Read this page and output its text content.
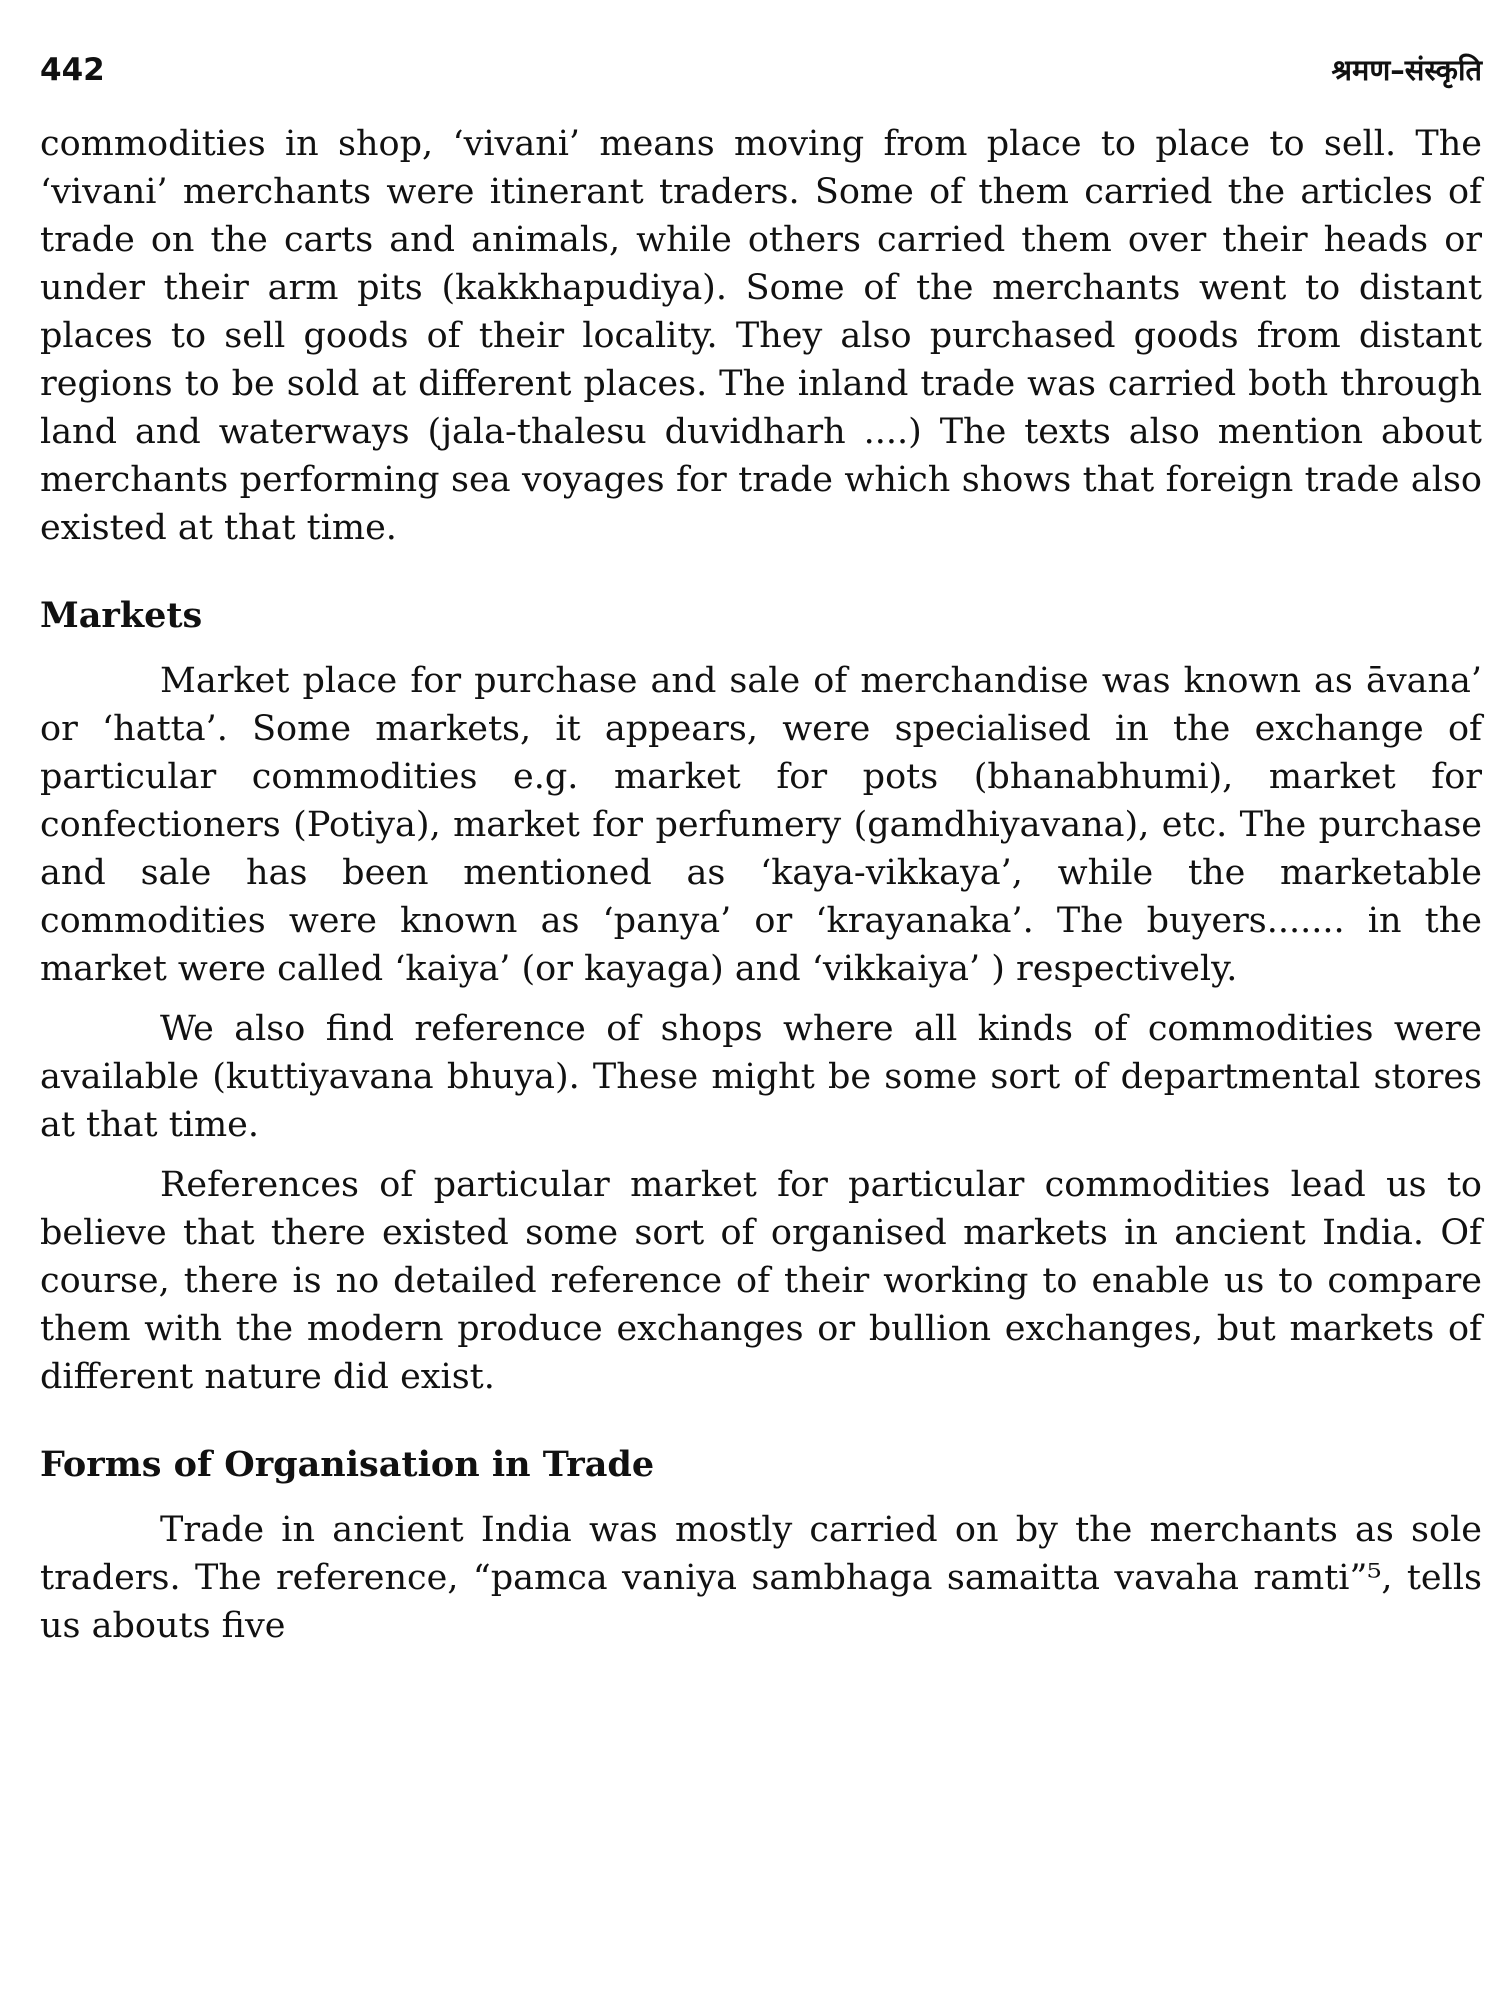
442	श्रमण–संस्कृति

commodities in shop, ‘vivani’ means moving from place to place to sell. The ‘vivani’ merchants were itinerant traders. Some of them carried the articles of trade on the carts and animals, while others carried them over their heads or under their arm pits (kakkhapudiya). Some of the merchants went to distant places to sell goods of their locality. They also purchased goods from distant regions to be sold at different places. The inland trade was carried both through land and waterways (jala-thalesu duvidharh ....) The texts also mention about merchants performing sea voyages for trade which shows that foreign trade also existed at that time.

Markets

Market place for purchase and sale of merchandise was known as āvana’ or ‘hatta’. Some markets, it appears, were specialised in the exchange of particular commodities e.g. market for pots (bhanabhumi), market for confectioners (Potiya), market for perfumery (gamdhiyavana), etc. The purchase and sale has been mentioned as ‘kaya-vikkaya’, while the marketable commodities were known as ‘panya’ or ‘krayanaka’. The buyers....... in the market were called ‘kaiya’ (or kayaga) and ‘vikkaiya’ ) respectively.

We also find reference of shops where all kinds of commodities were available (kuttiyavana bhuya). These might be some sort of departmental stores at that time.

References of particular market for particular commodities lead us to believe that there existed some sort of organised markets in ancient India. Of course, there is no detailed reference of their working to enable us to compare them with the modern produce exchanges or bullion exchanges, but markets of different nature did exist.

Forms of Organisation in Trade

Trade in ancient India was mostly carried on by the merchants as sole traders. The reference, “pamca vaniya sambhaga samaitta vavaha ramti”⁵, tells us abouts five
